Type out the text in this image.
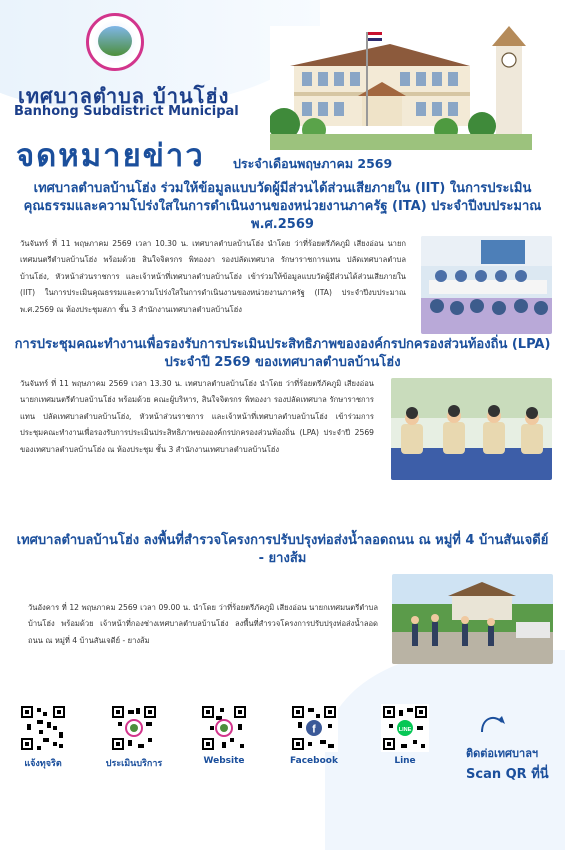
เทศบาลตำบล บ้านโฮ่ง
Banhong Subdistrict Municipal
จดหมายข่าว ประจำเดือนพฤษภาคม 2569
เทศบาลตำบลบ้านโฮ่ง ร่วมให้ข้อมูลแบบวัดผู้มีส่วนได้ส่วนเสียภายใน (IIT) ในการประเมินคุณธรรมและความโปร่งใสในการดำเนินงานของหน่วยงานภาครัฐ (ITA) ประจำปีงบประมาณ พ.ศ.2569
วันจันทร์ ที่ 11 พฤษภาคม 2569 เวลา 10.30 น. เทศบาลตำบลบ้านโฮ่ง นำโดย ว่าที่ร้อยตรีภัคภูมิ เสียงอ่อน นายกเทศมนตรีตำบลบ้านโฮ่ง พร้อมด้วย สินใจจิตรกร พิทองงา รองปลัดเทศบาล รักษาราชการแทน ปลัดเทศบาลตำบลบ้านโฮ่ง, หัวหน้าส่วนราชการ และเจ้าหน้าที่เทศบาลตำบลบ้านโฮ่ง เข้าร่วมให้ข้อมูลแบบวัดผู้มีส่วนได้ส่วนเสียภายใน (IIT) ในการประเมินคุณธรรมและความโปร่งใสในการดำเนินงานของหน่วยงานภาครัฐ (ITA) ประจำปีงบประมาณ พ.ศ.2569 ณ ห้องประชุมสภา ชั้น 3 สำนักงานเทศบาลตำบลบ้านโฮ่ง
การประชุมคณะทำงานเพื่อรองรับการประเมินประสิทธิภาพขององค์กรปกครองส่วนท้องถิ่น (LPA) ประจำปี 2569 ของเทศบาลตำบลบ้านโฮ่ง
วันจันทร์ ที่ 11 พฤษภาคม 2569 เวลา 13.30 น. เทศบาลตำบลบ้านโฮ่ง นำโดย ว่าที่ร้อยตรีภัคภูมิ เสียงอ่อน นายกเทศมนตรีตำบลบ้านโฮ่ง พร้อมด้วย คณะผู้บริหาร, สินใจจิตรกร พิทองงา รองปลัดเทศบาล รักษาราชการแทน ปลัดเทศบาลตำบลบ้านโฮ่ง, หัวหน้าส่วนราชการ และเจ้าหน้าที่เทศบาลตำบลบ้านโฮ่ง เข้าร่วมการประชุมคณะทำงานเพื่อรองรับการประเมินประสิทธิภาพขององค์กรปกครองส่วนท้องถิ่น (LPA) ประจำปี 2569 ของเทศบาลตำบลบ้านโฮ่ง ณ ห้องประชุม ชั้น 3 สำนักงานเทศบาลตำบลบ้านโฮ่ง
เทศบาลตำบลบ้านโฮ่ง ลงพื้นที่สำรวจโครงการปรับปรุงท่อส่งน้ำลอดถนน ณ หมู่ที่ 4 บ้านสันเจดีย์ - ยางส้ม
วันอังคาร ที่ 12 พฤษภาคม 2569 เวลา 09.00 น. นำโดย ว่าที่ร้อยตรีภัคภูมิ เสียงอ่อน นายกเทศมนตรีตำบลบ้านโฮ่ง พร้อมด้วย เจ้าหน้าที่กองช่างเทศบาลตำบลบ้านโฮ่ง ลงพื้นที่สำรวจโครงการปรับปรุงท่อส่งน้ำลอดถนน ณ หมู่ที่ 4 บ้านสันเจดีย์ - ยางส้ม
แจ้งทุจริต	ประเมินบริการ	Website
f
Facebook
LINE
Line
ติดต่อเทศบาลฯ
Scan QR ที่นี่
